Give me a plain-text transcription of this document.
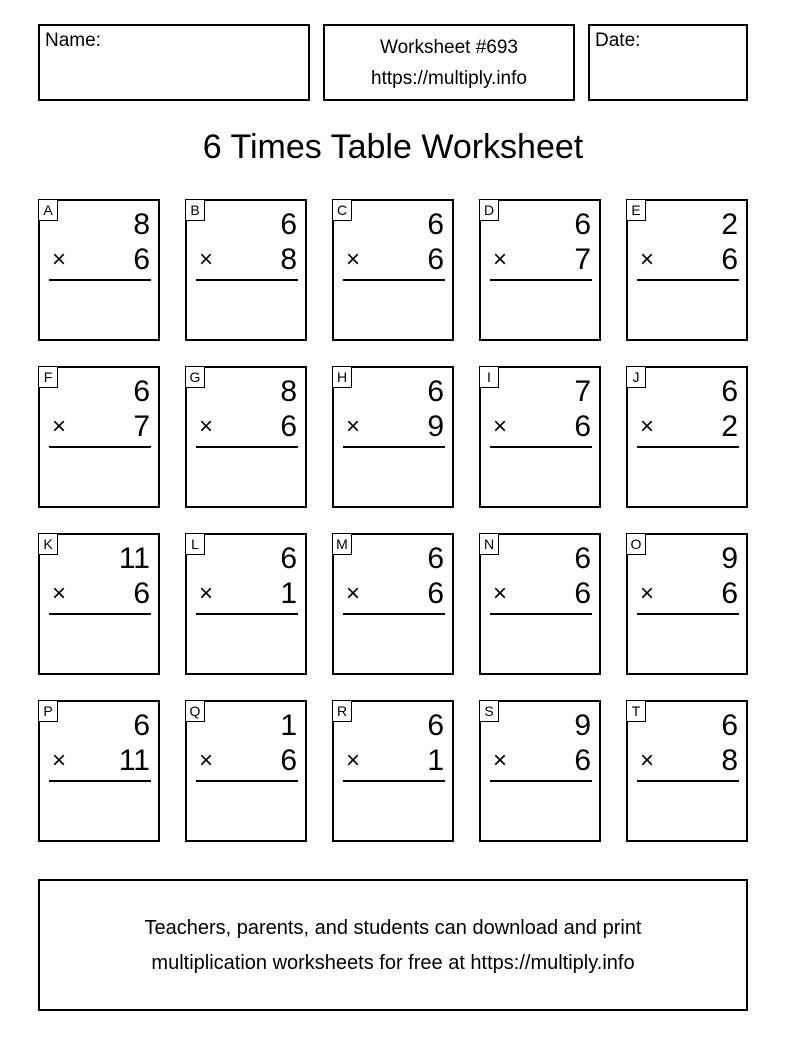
Name:	Worksheet #693
https://multiply.info
Date:
6 Times Table Worksheet
A	8
× 6
B	6
× 8
C	6
× 6
D	6
× 7
E	2
× 6
F	6
× 7
G	8
× 6
H	6
× 9
I	7
× 6
J	6
× 2
K 11
× 6
L	6
× 1
M	6
× 6
N	6
× 6
O	9
× 6
P	6
× 11
Q	1
× 6
R	6
× 1
S	9
× 6
T	6
× 8
Teachers, parents, and students can download and print
multiplication worksheets for free at https://multiply.info
